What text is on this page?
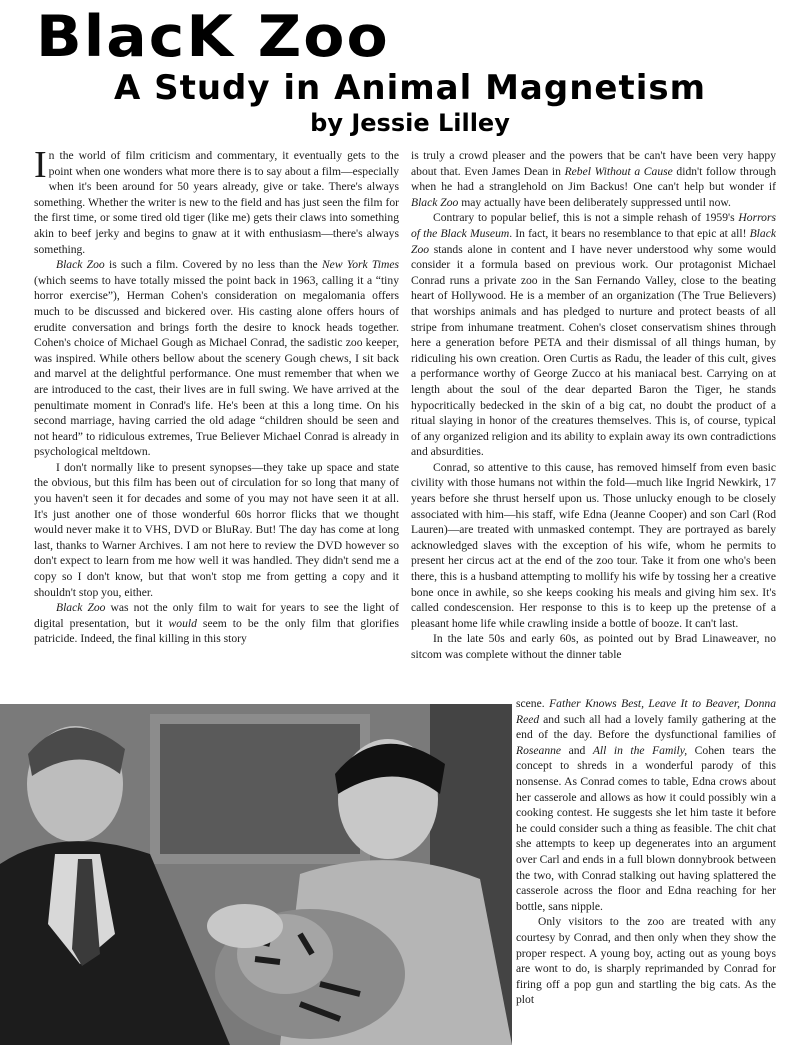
BlacK Zoo
A Study in Animal Magnetism
by Jessie Lilley

In the world of film criticism and commentary, it eventually gets to the point when one wonders what more there is to say about a film—especially when it's been around for 50 years already, give or take. There's always something. Whether the writer is new to the field and has just seen the film for the first time, or some tired old tiger (like me) gets their claws into something akin to beef jerky and begins to gnaw at it with enthusiasm—there's always something.

Black Zoo is such a film. Covered by no less than the New York Times (which seems to have totally missed the point back in 1963, calling it a “tiny horror exercise”), Herman Cohen's consideration on megalomania offers much to be discussed and bickered over. His casting alone offers hours of erudite conversation and brings forth the desire to knock heads together. Cohen's choice of Michael Gough as Michael Conrad, the sadistic zoo keeper, was inspired. While others bellow about the scenery Gough chews, I sit back and marvel at the delightful performance. One must remember that when we are introduced to the cast, their lives are in full swing. We have arrived at the penultimate moment in Conrad's life. He's been at this a long time. On his second marriage, having carried the old adage “children should be seen and not heard” to ridiculous extremes, True Believer Michael Conrad is already in psychological meltdown.

I don't normally like to present synopses—they take up space and state the obvious, but this film has been out of circulation for so long that many of you haven't seen it for decades and some of you may not have seen it at all. It's just another one of those wonderful 60s horror flicks that we thought would never make it to VHS, DVD or BluRay. But! The day has come at long last, thanks to Warner Archives. I am not here to review the DVD however so don't expect to learn from me how well it was handled. They didn't send me a copy so I don't know, but that won't stop me from getting a copy and it shouldn't stop you, either.

Black Zoo was not the only film to wait for years to see the light of digital presentation, but it would seem to be the only film that glorifies patricide. Indeed, the final killing in this story

is truly a crowd pleaser and the powers that be can't have been very happy about that. Even James Dean in Rebel Without a Cause didn't follow through when he had a stranglehold on Jim Backus! One can't help but wonder if Black Zoo may actually have been deliberately suppressed until now.

Contrary to popular belief, this is not a simple rehash of 1959's Horrors of the Black Museum. In fact, it bears no resemblance to that epic at all! Black Zoo stands alone in content and I have never understood why some would consider it a formula based on previous work. Our protagonist Michael Conrad runs a private zoo in the San Fernando Valley, close to the beating heart of Hollywood. He is a member of an organization (The True Believers) that worships animals and has pledged to nurture and protect beasts of all stripe from inhumane treatment. Cohen's closet conservatism shines through here a generation before PETA and their dismissal of all things human, by ridiculing his own creation. Oren Curtis as Radu, the leader of this cult, gives a performance worthy of George Zucco at his maniacal best. Carrying on at length about the soul of the dear departed Baron the Tiger, he stands hypocritically bedecked in the skin of a big cat, no doubt the product of a ritual slaying in honor of the creatures themselves. This is, of course, typical of any organized religion and its ability to explain away its own contradictions and absurdities.

Conrad, so attentive to this cause, has removed himself from even basic civility with those humans not within the fold—much like Ingrid Newkirk, 17 years before she thrust herself upon us. Those unlucky enough to be closely associated with him—his staff, wife Edna (Jeanne Cooper) and son Carl (Rod Lauren)—are treated with unmasked contempt. They are portrayed as barely acknowledged slaves with the exception of his wife, whom he permits to present her circus act at the end of the zoo tour. Take it from one who's been there, this is a husband attempting to mollify his wife by tossing her a creative bone once in awhile, so she keeps cooking his meals and giving him sex. It's called condescension. Her response to this is to keep up the pretense of a pleasant home life while crawling inside a bottle of booze. It can't last.

In the late 50s and early 60s, as pointed out by Brad Linaweaver, no sitcom was complete without the dinner table

scene. Father Knows Best, Leave It to Beaver, Donna Reed and such all had a lovely family gathering at the end of the day. Before the dysfunctional families of Roseanne and All in the Family, Cohen tears the concept to shreds in a wonderful parody of this nonsense. As Conrad comes to table, Edna crows about her casserole and allows as how it could possibly win a cooking contest. He suggests she let him taste it before he could consider such a thing as feasible. The chit chat she attempts to keep up degenerates into an argument over Carl and ends in a full blown donnybrook between the two, with Conrad stalking out having splattered the casserole across the floor and Edna reaching for her bottle, sans nipple.

Only visitors to the zoo are treated with any courtesy by Conrad, and then only when they show the proper respect. A young boy, acting out as young boys are wont to do, is sharply reprimanded by Conrad for firing off a pop gun and startling the big cats. As the plot
